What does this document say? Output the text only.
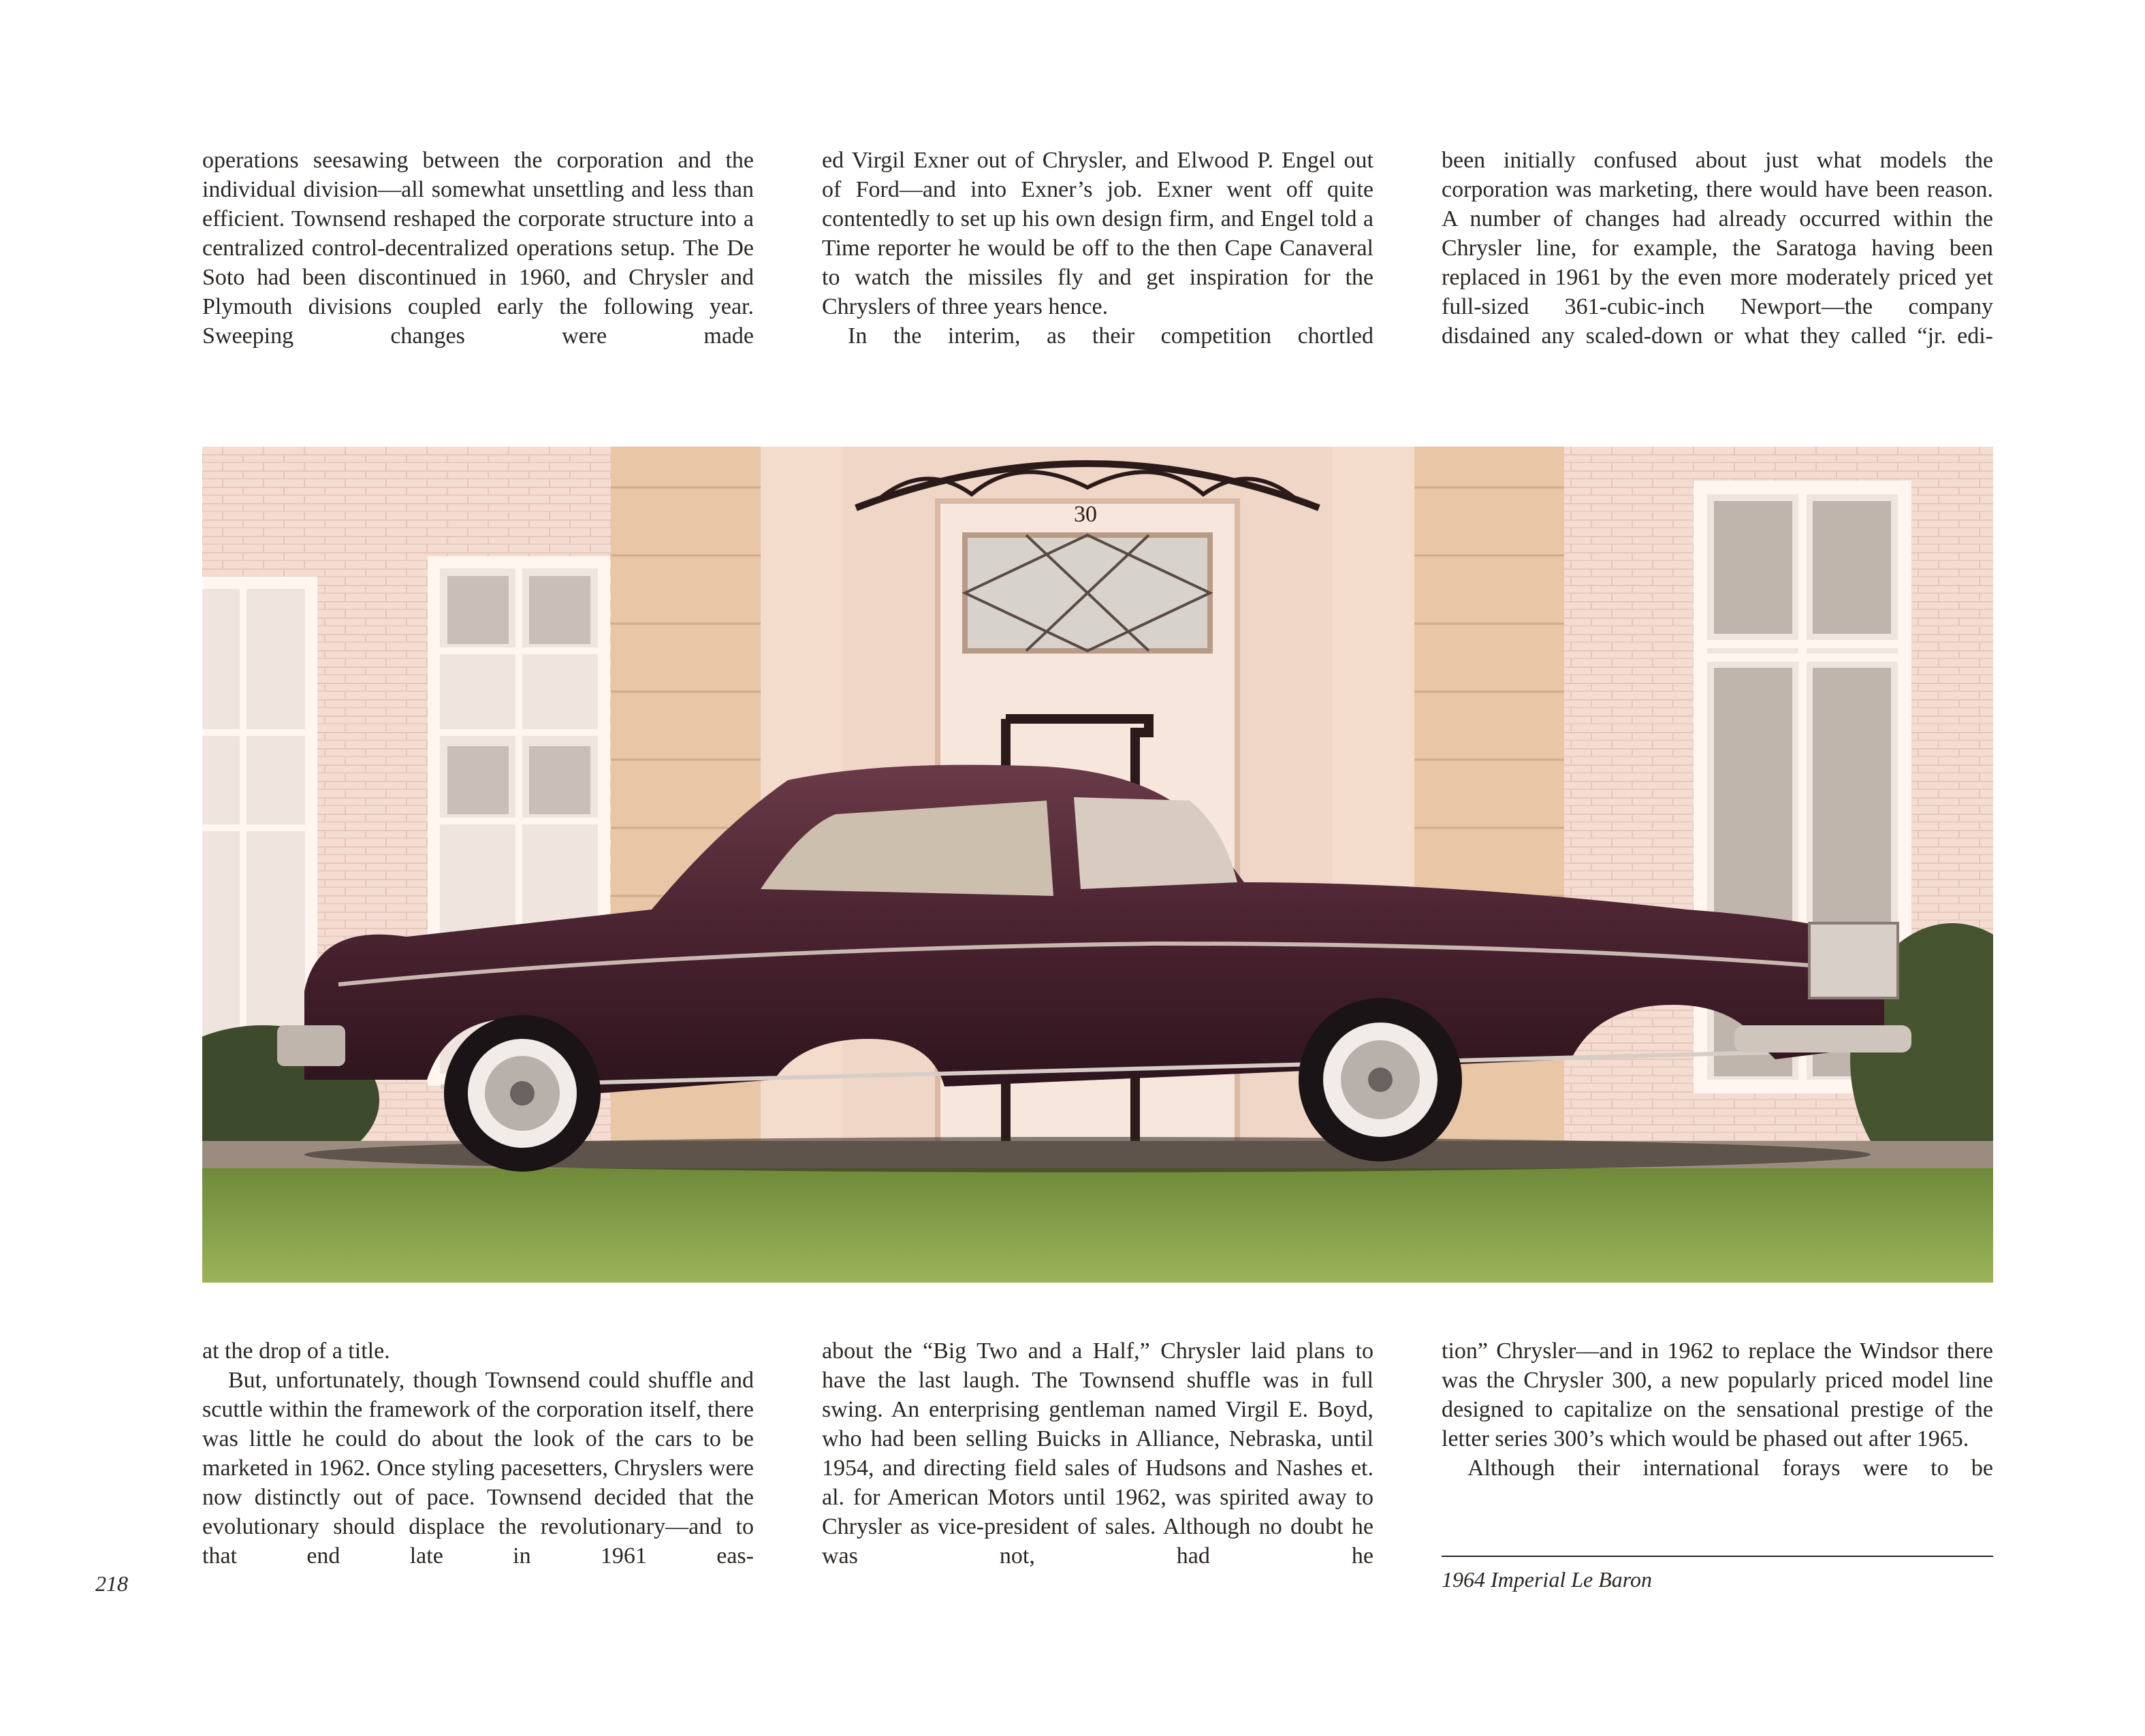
operations seesawing between the corporation and the individual division—all somewhat unsettling and less than efficient. Townsend reshaped the corporate structure into a centralized control-decentralized operations setup. The De Soto had been discontinued in 1960, and Chrysler and Plymouth divisions coupled early the following year. Sweeping changes were made

ed Virgil Exner out of Chrysler, and Elwood P. Engel out of Ford—and into Exner’s job. Exner went off quite contentedly to set up his own design firm, and Engel told a Time reporter he would be off to the then Cape Canaveral to watch the missiles fly and get inspiration for the Chryslers of three years hence.

In the interim, as their competition chortled

been initially confused about just what models the corporation was marketing, there would have been reason. A number of changes had already occurred within the Chrysler line, for example, the Saratoga having been replaced in 1961 by the even more moderately priced yet full-sized 361-cubic-inch Newport—the company disdained any scaled-down or what they called “jr. edi-

30

at the drop of a title.

But, unfortunately, though Townsend could shuffle and scuttle within the framework of the corporation itself, there was little he could do about the look of the cars to be marketed in 1962. Once styling pacesetters, Chryslers were now distinctly out of pace. Townsend decided that the evolutionary should displace the revolutionary—and to that end late in 1961 eas-

about the “Big Two and a Half,” Chrysler laid plans to have the last laugh. The Townsend shuffle was in full swing. An enterprising gentleman named Virgil E. Boyd, who had been selling Buicks in Alliance, Nebraska, until 1954, and directing field sales of Hudsons and Nashes et. al. for American Motors until 1962, was spirited away to Chrysler as vice-president of sales. Although no doubt he was not, had he

tion” Chrysler—and in 1962 to replace the Windsor there was the Chrysler 300, a new popularly priced model line designed to capitalize on the sensational prestige of the letter series 300’s which would be phased out after 1965.

Although their international forays were to be

218	1964 Imperial Le Baron
